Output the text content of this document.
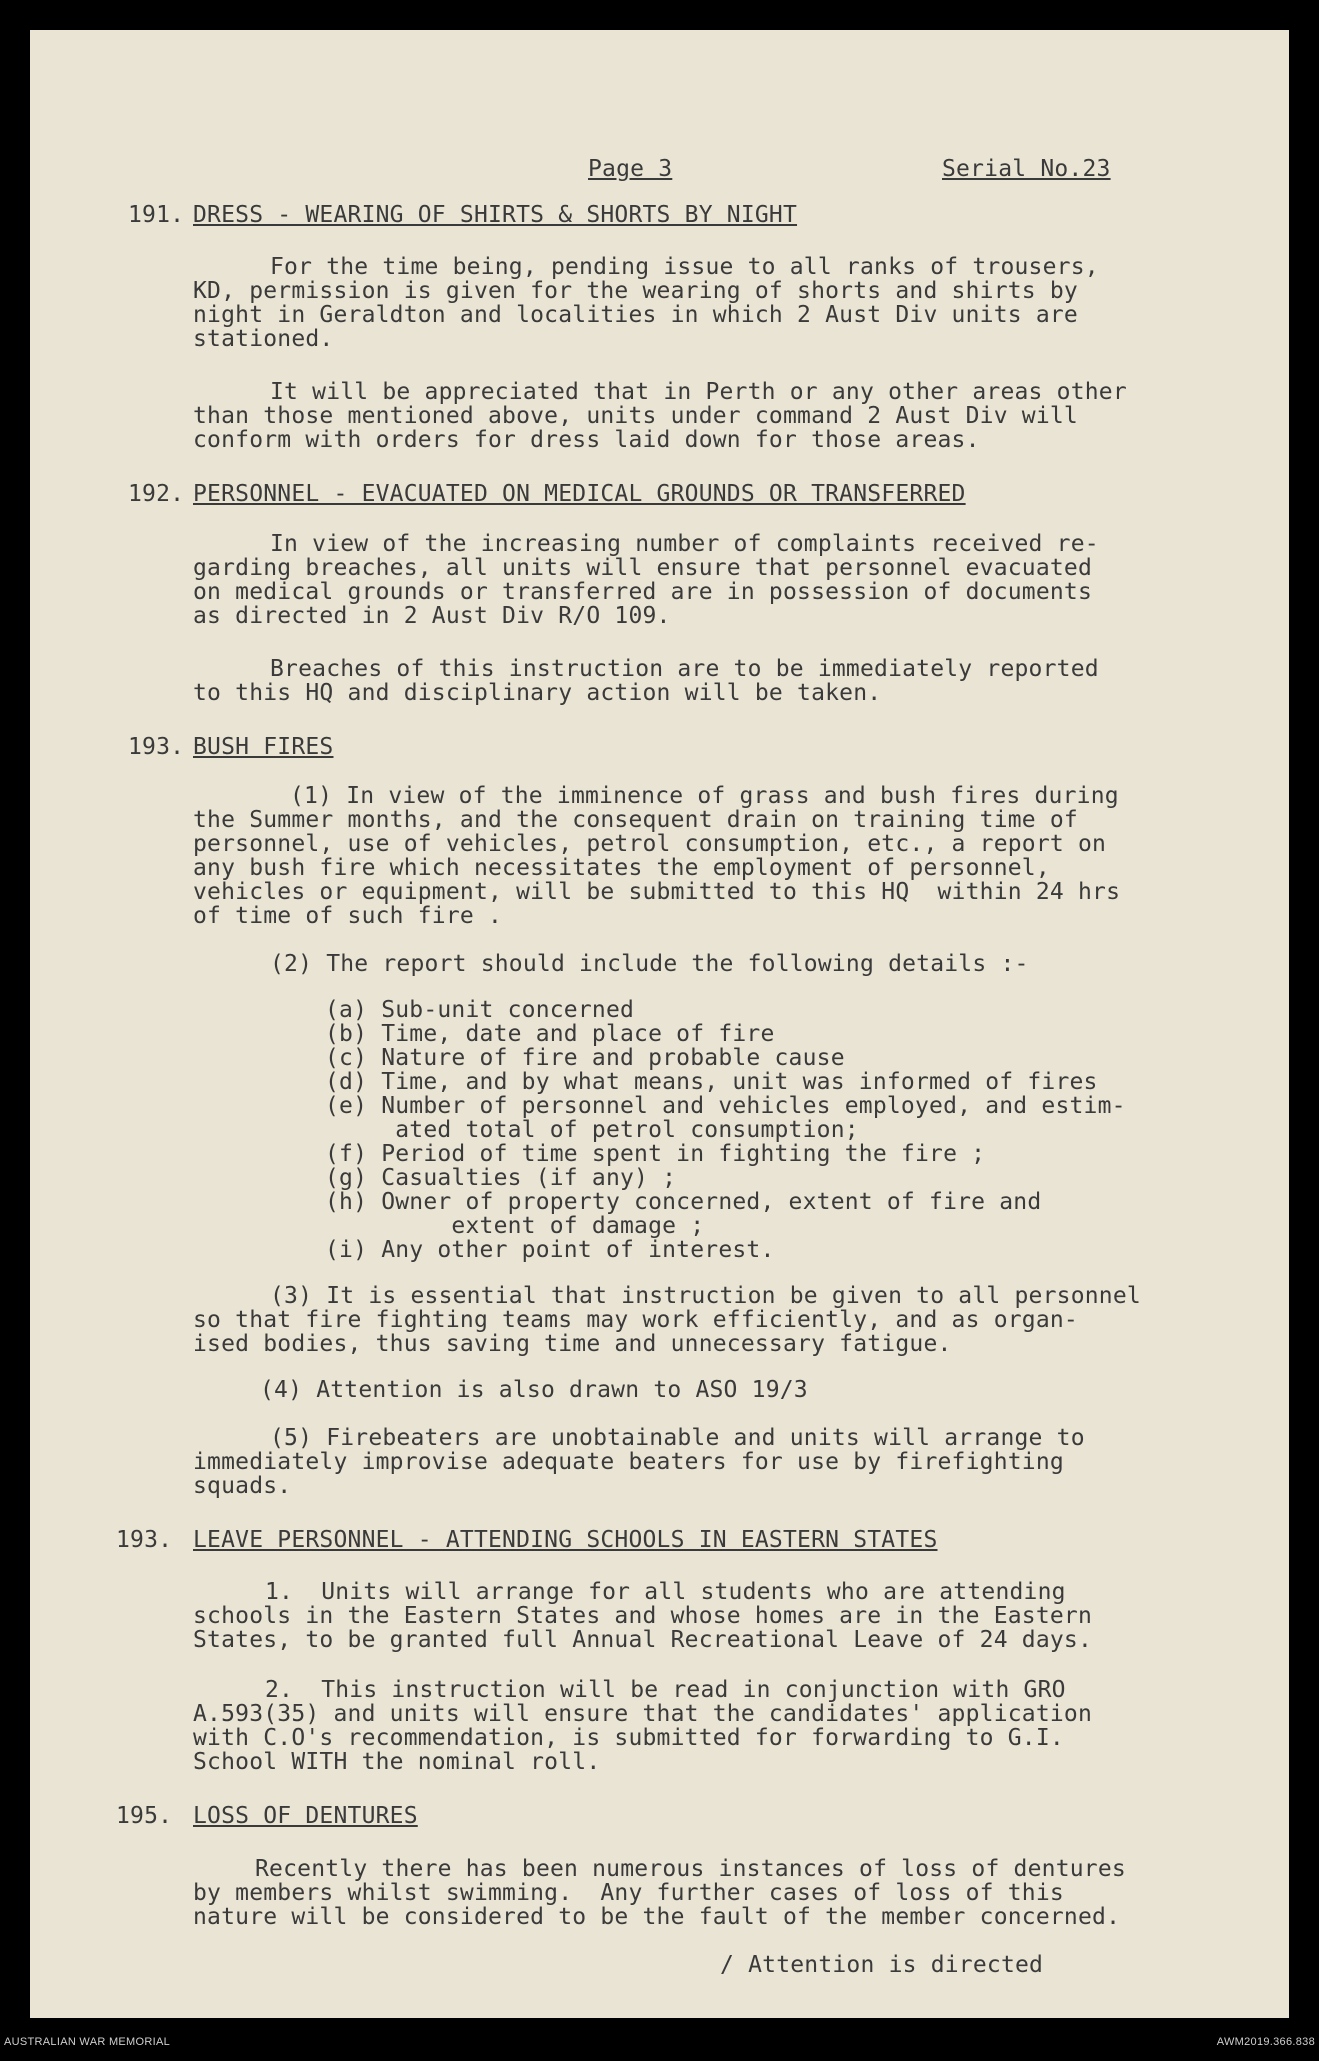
Page 3	Serial No.23
191. DRESS - WEARING OF SHIRTS & SHORTS BY NIGHT
For the time being, pending issue to all ranks of trousers,
KD, permission is given for the wearing of shorts and shirts by
night in Geraldton and localities in which 2 Aust Div units are
stationed.
It will be appreciated that in Perth or any other areas other
than those mentioned above, units under command 2 Aust Div will
conform with orders for dress laid down for those areas.
192. PERSONNEL - EVACUATED ON MEDICAL GROUNDS OR TRANSFERRED
In view of the increasing number of complaints received re-
garding breaches, all units will ensure that personnel evacuated
on medical grounds or transferred are in possession of documents
as directed in 2 Aust Div R/O 109.
Breaches of this instruction are to be immediately reported
to this HQ and disciplinary action will be taken.
193. BUSH FIRES
(1) In view of the imminence of grass and bush fires during
the Summer months, and the consequent drain on training time of
personnel, use of vehicles, petrol consumption, etc., a report on
any bush fire which necessitates the employment of personnel,
vehicles or equipment, will be submitted to this HQ  within 24 hrs
of time of such fire .
(2) The report should include the following details :-
(a) Sub-unit concerned
(b) Time, date and place of fire
(c) Nature of fire and probable cause
(d) Time, and by what means, unit was informed of fires
(e) Number of personnel and vehicles employed, and estim-
ated total of petrol consumption;
(f) Period of time spent in fighting the fire ;
(g) Casualties (if any) ;
(h) Owner of property concerned, extent of fire and
extent of damage ;
(i) Any other point of interest.
(3) It is essential that instruction be given to all personnel
so that fire fighting teams may work efficiently, and as organ-
ised bodies, thus saving time and unnecessary fatigue.
(4) Attention is also drawn to ASO 19/3
(5) Firebeaters are unobtainable and units will arrange to
immediately improvise adequate beaters for use by firefighting
squads.
193. LEAVE PERSONNEL - ATTENDING SCHOOLS IN EASTERN STATES
1.  Units will arrange for all students who are attending
schools in the Eastern States and whose homes are in the Eastern
States, to be granted full Annual Recreational Leave of 24 days.
2.  This instruction will be read in conjunction with GRO
A.593(35) and units will ensure that the candidates' application
with C.O's recommendation, is submitted for forwarding to G.I.
School WITH the nominal roll.
195. LOSS OF DENTURES
Recently there has been numerous instances of loss of dentures
by members whilst swimming.  Any further cases of loss of this
nature will be considered to be the fault of the member concerned.
/ Attention is directed
AUSTRALIAN WAR MEMORIAL	AWM2019.366.838
